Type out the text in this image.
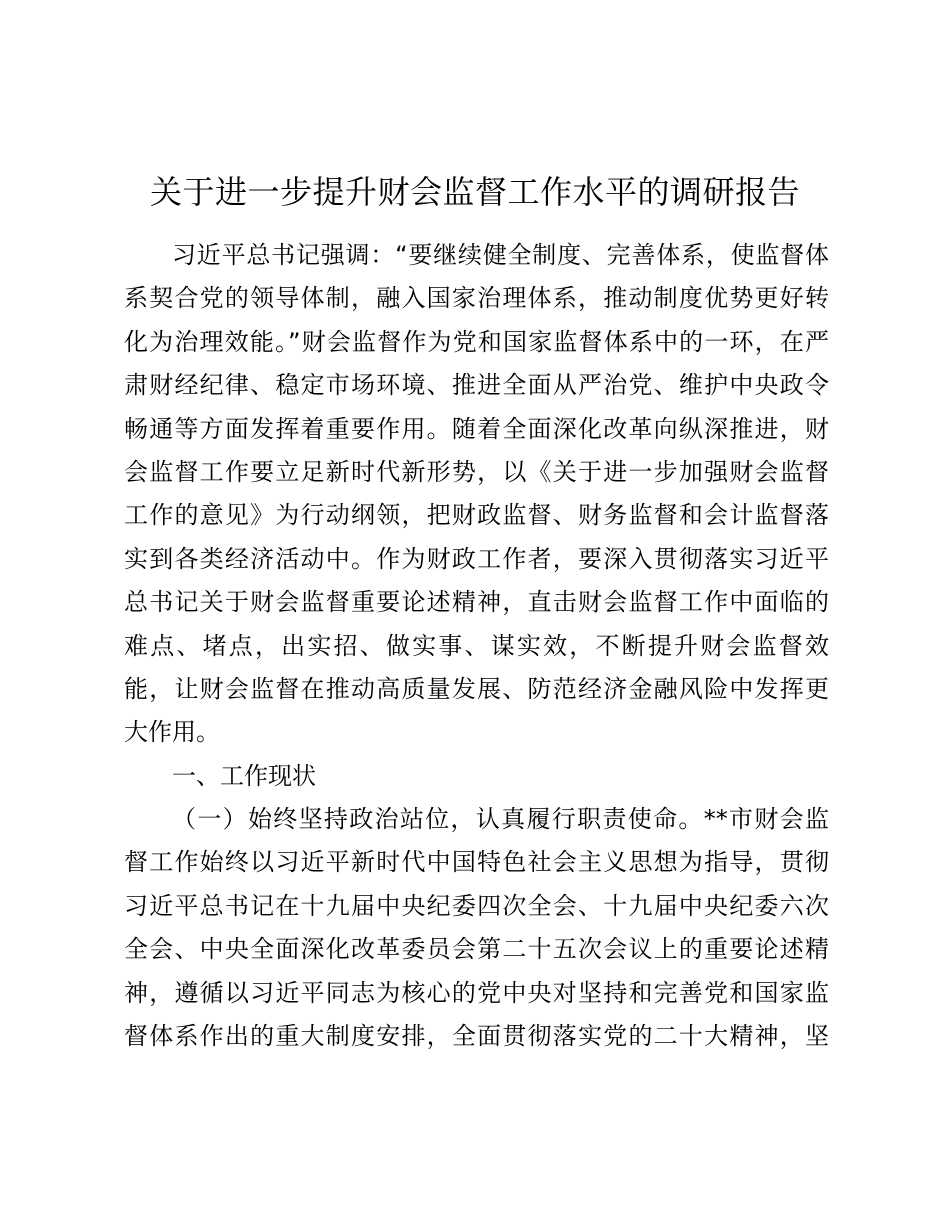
关于进一步提升财会监督工作水平的调研报告
习近平总书记强调：“要继续健全制度、完善体系，使监督体
系契合党的领导体制，融入国家治理体系，推动制度优势更好转
化为治理效能。”财会监督作为党和国家监督体系中的一环，在严
肃财经纪律、稳定市场环境、推进全面从严治党、维护中央政令
畅通等方面发挥着重要作用。随着全面深化改革向纵深推进，财
会监督工作要立足新时代新形势，以《关于进一步加强财会监督
工作的意见》为行动纲领，把财政监督、财务监督和会计监督落
实到各类经济活动中。作为财政工作者，要深入贯彻落实习近平
总书记关于财会监督重要论述精神，直击财会监督工作中面临的
难点、堵点，出实招、做实事、谋实效，不断提升财会监督效
能，让财会监督在推动高质量发展、防范经济金融风险中发挥更
大作用。
一、工作现状
（一）始终坚持政治站位，认真履行职责使命。**市财会监
督工作始终以习近平新时代中国特色社会主义思想为指导，贯彻
习近平总书记在十九届中央纪委四次全会、十九届中央纪委六次
全会、中央全面深化改革委员会第二十五次会议上的重要论述精
神，遵循以习近平同志为核心的党中央对坚持和完善党和国家监
督体系作出的重大制度安排，全面贯彻落实党的二十大精神，坚
